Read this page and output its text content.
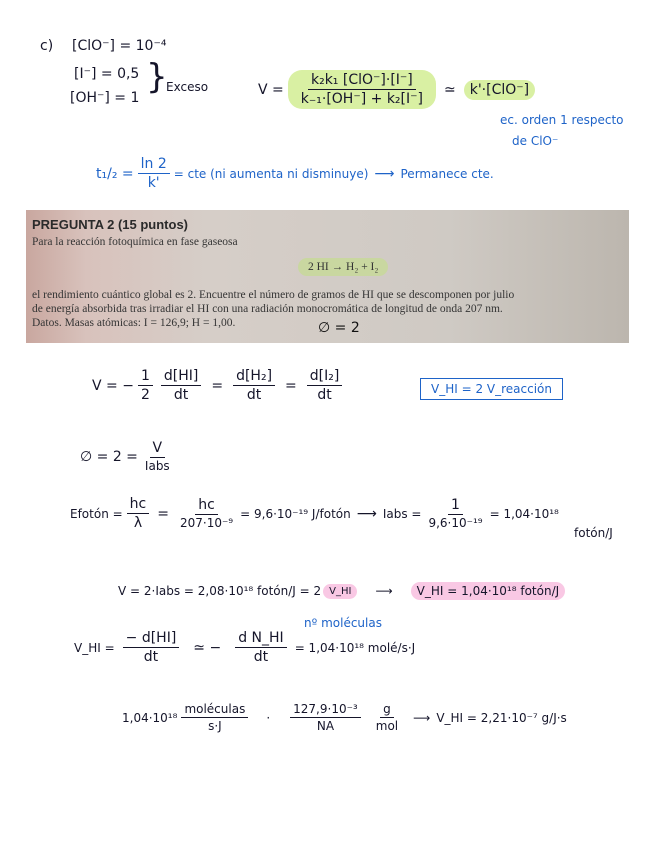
c) [ClO⁻] = 10⁻⁴
[I⁻] = 0,5
[OH⁻] = 1
}
Exceso	$V = \frac{\text{k₂k₁ [ClO⁻]·[I⁻]}}{\text{k₋₁·[OH⁻] + k₂[I⁻]}}$ ≃	k'·[ClO⁻]
ec. orden 1 respecto
de ClO⁻
$t_1/_2 = \frac{\ln 2}{k'}$ = cte (ni aumenta ni disminuye) ⟶ Permanece cte.
PREGUNTA 2 (15 puntos)
Para la reacción fotoquímica en fase gaseosa
2 HI → H₂ + I₂
el rendimiento cuántico global es 2. Encuentre el número de gramos de HI que se descomponen por julio
de energía absorbida tras irradiar el HI con una radiación monocromática de longitud de onda 207 nm.
Datos. Masas atómicas: I = 126,9; H = 1,00.	∅ = 2
V = − $\frac{1}{2} \frac{d[HI]}{dt} = \frac{\text{d[H₂]}}{dt} = \frac{\text{d[I₂]}}{dt}$	V_HI = 2 V_reacción
∅ = $2 = \frac{V}{\text{Iabs}}$
Efotón = $\frac{hc}{\lambda} = \frac{hc}{\text{207·10⁻⁹}} = 9,6\cdot 10^{-19}$ J/fotón ⟶ Iabs = $\frac{1}{\text{9,6·10⁻¹⁹}} = 1,04\cdot 10^{18}$
fotón/J
V = 2·Iabs = 2,08·10¹⁸ fotón/J = 2 V_HI	⟶	V_HI = 1,04·10¹⁸ fotón/J
nº moléculas
V_HI = $\frac{- d[HI]}{dt}$ ≃ − $\frac{\text{d N\_HI}}{dt} = 1,04\cdot 10^{18}$ molé/s·J
$1,04\cdot 10^{18} \frac{\text{moléculas}}{s\cdot J} \cdot \frac{\text{127,9·10⁻³}}{NA} \frac{g}{\text{mol}}$ ⟶ V_HI = 2,21·10⁻⁷ g/J·s
